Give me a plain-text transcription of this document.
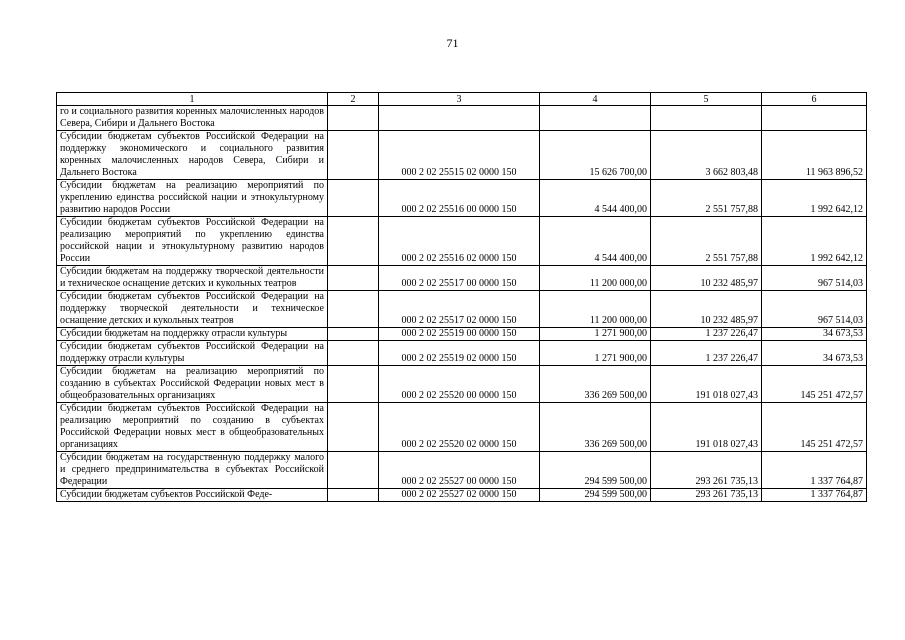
71
1	2	3	4	5	6
го и социального развития коренных малочисленных народов Севера, Сибири и Дальнего Востока					
Субсидии бюджетам субъектов Российской Федерации на поддержку экономического и социального развития коренных малочисленных народов Севера, Сибири и Дальнего Востока		000 2 02 25515 02 0000 150	15 626 700,00	3 662 803,48	11 963 896,52
Субсидии бюджетам на реализацию мероприятий по укреплению единства российской нации и этнокультурному развитию народов России		000 2 02 25516 00 0000 150	4 544 400,00	2 551 757,88	1 992 642,12
Субсидии бюджетам субъектов Российской Федерации на реализацию мероприятий по укреплению единства российской нации и этнокультурному развитию народов России		000 2 02 25516 02 0000 150	4 544 400,00	2 551 757,88	1 992 642,12
Субсидии бюджетам на поддержку творческой деятельности и техническое оснащение детских и кукольных театров		000 2 02 25517 00 0000 150	11 200 000,00	10 232 485,97	967 514,03
Субсидии бюджетам субъектов Российской Федерации на поддержку творческой деятельности и техническое оснащение детских и кукольных театров		000 2 02 25517 02 0000 150	11 200 000,00	10 232 485,97	967 514,03
Субсидии бюджетам на поддержку отрасли культуры		000 2 02 25519 00 0000 150	1 271 900,00	1 237 226,47	34 673,53
Субсидии бюджетам субъектов Российской Федерации на поддержку отрасли культуры		000 2 02 25519 02 0000 150	1 271 900,00	1 237 226,47	34 673,53
Субсидии бюджетам на реализацию мероприятий по созданию в субъектах Российской Федерации новых мест в общеобразовательных организациях		000 2 02 25520 00 0000 150	336 269 500,00	191 018 027,43	145 251 472,57
Субсидии бюджетам субъектов Российской Федерации на реализацию мероприятий по созданию в субъектах Российской Федерации новых мест в общеобразовательных организациях		000 2 02 25520 02 0000 150	336 269 500,00	191 018 027,43	145 251 472,57
Субсидии бюджетам на государственную поддержку малого и среднего предпринимательства в субъектах Российской Федерации		000 2 02 25527 00 0000 150	294 599 500,00	293 261 735,13	1 337 764,87
Субсидии бюджетам субъектов Российской Феде-		000 2 02 25527 02 0000 150	294 599 500,00	293 261 735,13	1 337 764,87
